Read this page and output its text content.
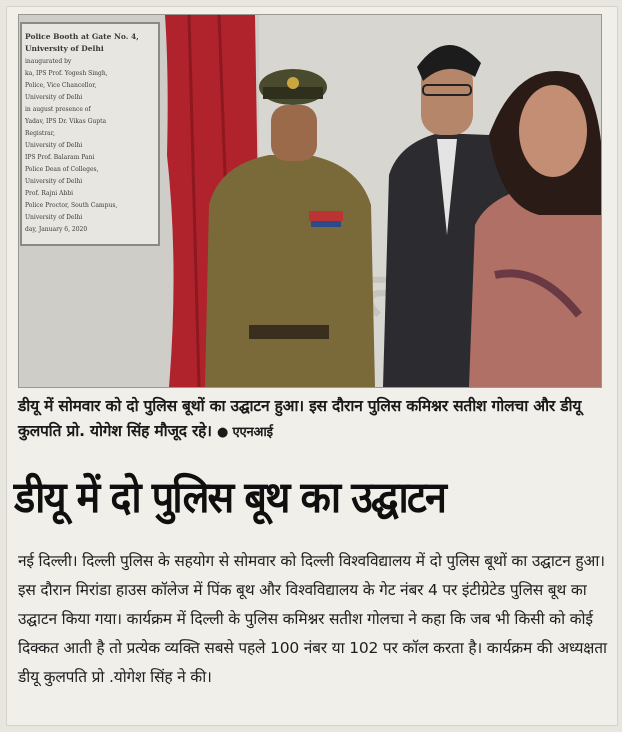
Police Booth at Gate No. 4,
University of Delhi
inaugurated by
ka, IPS Prof. Yogesh Singh,
Police, Vice Chancellor,
University of Delhi
in august presence of
Yadav, IPS Dr. Vikas Gupta
Registrar,
University of Delhi
IPS Prof. Balaram Pani
Police Dean of Colleges,
University of Delhi
Prof. Rajni Abbi
Police Proctor, South Campus,
University of Delhi
day, January 6, 2020
डीयू में सोमवार को दो पुलिस बूथों का उद्घाटन हुआ। इस दौरान पुलिस कमिश्नर सतीश गोलचा और डीयू कुलपति प्रो. योगेश सिंह मौजूद रहे। ● एएनआई
डीयू में दो पुलिस बूथ का उद्घाटन
नई दिल्ली। दिल्ली पुलिस के सहयोग से सोमवार को दिल्ली विश्वविद्यालय में दो पुलिस बूथों का उद्घाटन हुआ। इस दौरान मिरांडा हाउस कॉलेज में पिंक बूथ और विश्वविद्यालय के गेट नंबर 4 पर इंटीग्रेटेड पुलिस बूथ का उद्घाटन किया गया। कार्यक्रम में दिल्ली के पुलिस कमिश्नर सतीश गोलचा ने कहा कि जब भी किसी को कोई दिक्कत आती है तो प्रत्येक व्यक्ति सबसे पहले 100 नंबर या 102 पर कॉल करता है। कार्यक्रम की अध्यक्षता डीयू कुलपति प्रो .योगेश सिंह ने की।
